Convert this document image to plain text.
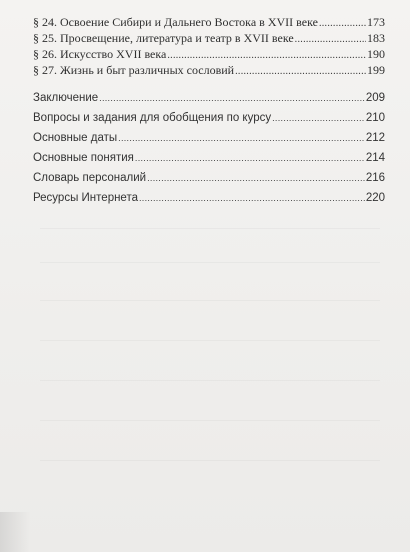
§ 24. Освоение Сибири и Дальнего Востока в XVII веке .....	173
§ 25. Просвещение, литература и театр в XVII веке .....	183
§ 26. Искусство XVII века .....	190
§ 27. Жизнь и быт различных сословий .....	199
Заключение .....	209
Вопросы и задания для обобщения по курсу .....	210
Основные даты .....	212
Основные понятия .....	214
Словарь персоналий .....	216
Ресурсы Интернета .....	220
